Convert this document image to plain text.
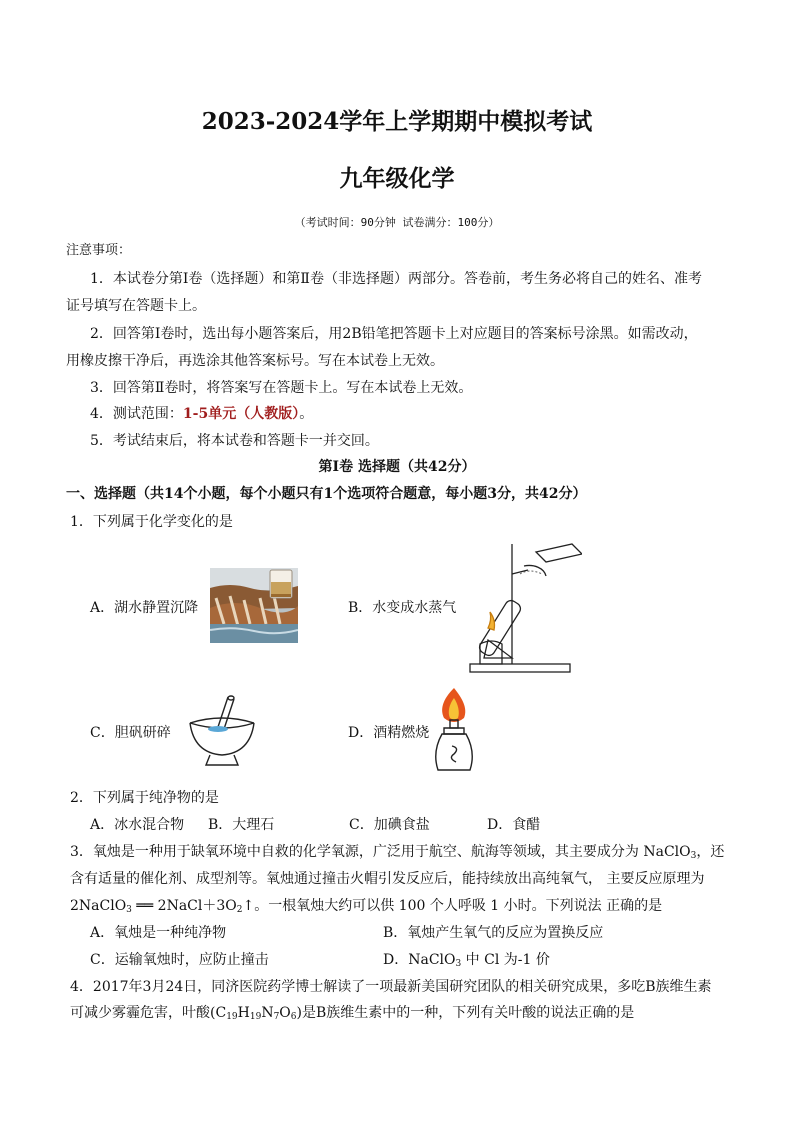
2023-2024学年上学期期中模拟考试
九年级化学
（考试时间：90分钟 试卷满分：100分）
注意事项：
1．本试卷分第Ⅰ卷（选择题）和第Ⅱ卷（非选择题）两部分。答卷前，考生务必将自己的姓名、准考
证号填写在答题卡上。
2．回答第Ⅰ卷时，选出每小题答案后，用2B铅笔把答题卡上对应题目的答案标号涂黑。如需改动，
用橡皮擦干净后，再选涂其他答案标号。写在本试卷上无效。
3．回答第Ⅱ卷时，将答案写在答题卡上。写在本试卷上无效。
4．测试范围：1-5单元（人教版）。
5．考试结束后，将本试卷和答题卡一并交回。
第Ⅰ卷 选择题（共42分）
一、选择题（共14个小题，每个小题只有1个选项符合题意，每小题3分，共42分）
1．下列属于化学变化的是
A．湖水静置沉降	B．水变成水蒸气
C．胆矾研碎	D．酒精燃烧
2．下列属于纯净物的是
A．冰水混合物 B．大理石	C．加碘食盐	D．食醋
3．氧烛是一种用于缺氧环境中自救的化学氧源，广泛用于航空、航海等领域，其主要成分为 NaClO$_3$，还
含有适量的催化剂、成型剂等。氧烛通过撞击火帽引发反应后，能持续放出高纯氧气， 主要反应原理为
2NaClO$_3$ ══ $2NaCl+3O_2↑$。一根氧烛大约可以供 100 个人呼吸 1 小时。下列说法 正确的是
A．氧烛是一种纯净物	B．氧烛产生氧气的反应为置换反应
C．运输氧烛时，应防止撞击	D．NaClO$_3$ 中 Cl 为-1 价
4．2017年3月24日，同济医院药学博士解读了一项最新美国研究团队的相关研究成果，多吃B族维生素
可减少雾霾危害，叶酸$(C_{19}H_{19}N_7O_6)$是B族维生素中的一种，下列有关叶酸的说法正确的是
